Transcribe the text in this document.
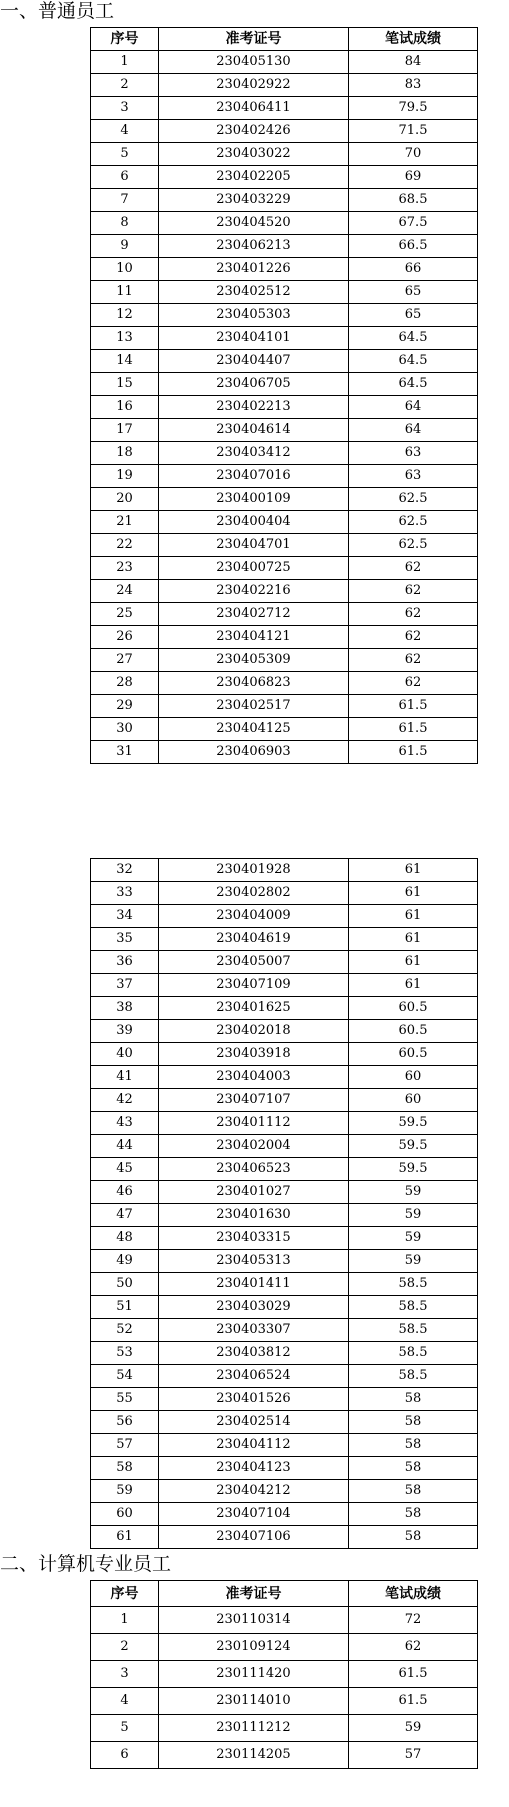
一、普通员工
序号	准考证号	笔试成绩
1	230405130	84
2	230402922	83
3	230406411	79.5
4	230402426	71.5
5	230403022	70
6	230402205	69
7	230403229	68.5
8	230404520	67.5
9	230406213	66.5
10	230401226	66
11	230402512	65
12	230405303	65
13	230404101	64.5
14	230404407	64.5
15	230406705	64.5
16	230402213	64
17	230404614	64
18	230403412	63
19	230407016	63
20	230400109	62.5
21	230400404	62.5
22	230404701	62.5
23	230400725	62
24	230402216	62
25	230402712	62
26	230404121	62
27	230405309	62
28	230406823	62
29	230402517	61.5
30	230404125	61.5
31	230406903	61.5
32	230401928	61
33	230402802	61
34	230404009	61
35	230404619	61
36	230405007	61
37	230407109	61
38	230401625	60.5
39	230402018	60.5
40	230403918	60.5
41	230404003	60
42	230407107	60
43	230401112	59.5
44	230402004	59.5
45	230406523	59.5
46	230401027	59
47	230401630	59
48	230403315	59
49	230405313	59
50	230401411	58.5
51	230403029	58.5
52	230403307	58.5
53	230403812	58.5
54	230406524	58.5
55	230401526	58
56	230402514	58
57	230404112	58
58	230404123	58
59	230404212	58
60	230407104	58
61	230407106	58
二、计算机专业员工
序号	准考证号	笔试成绩
1	230110314	72
2	230109124	62
3	230111420	61.5
4	230114010	61.5
5	230111212	59
6	230114205	57
